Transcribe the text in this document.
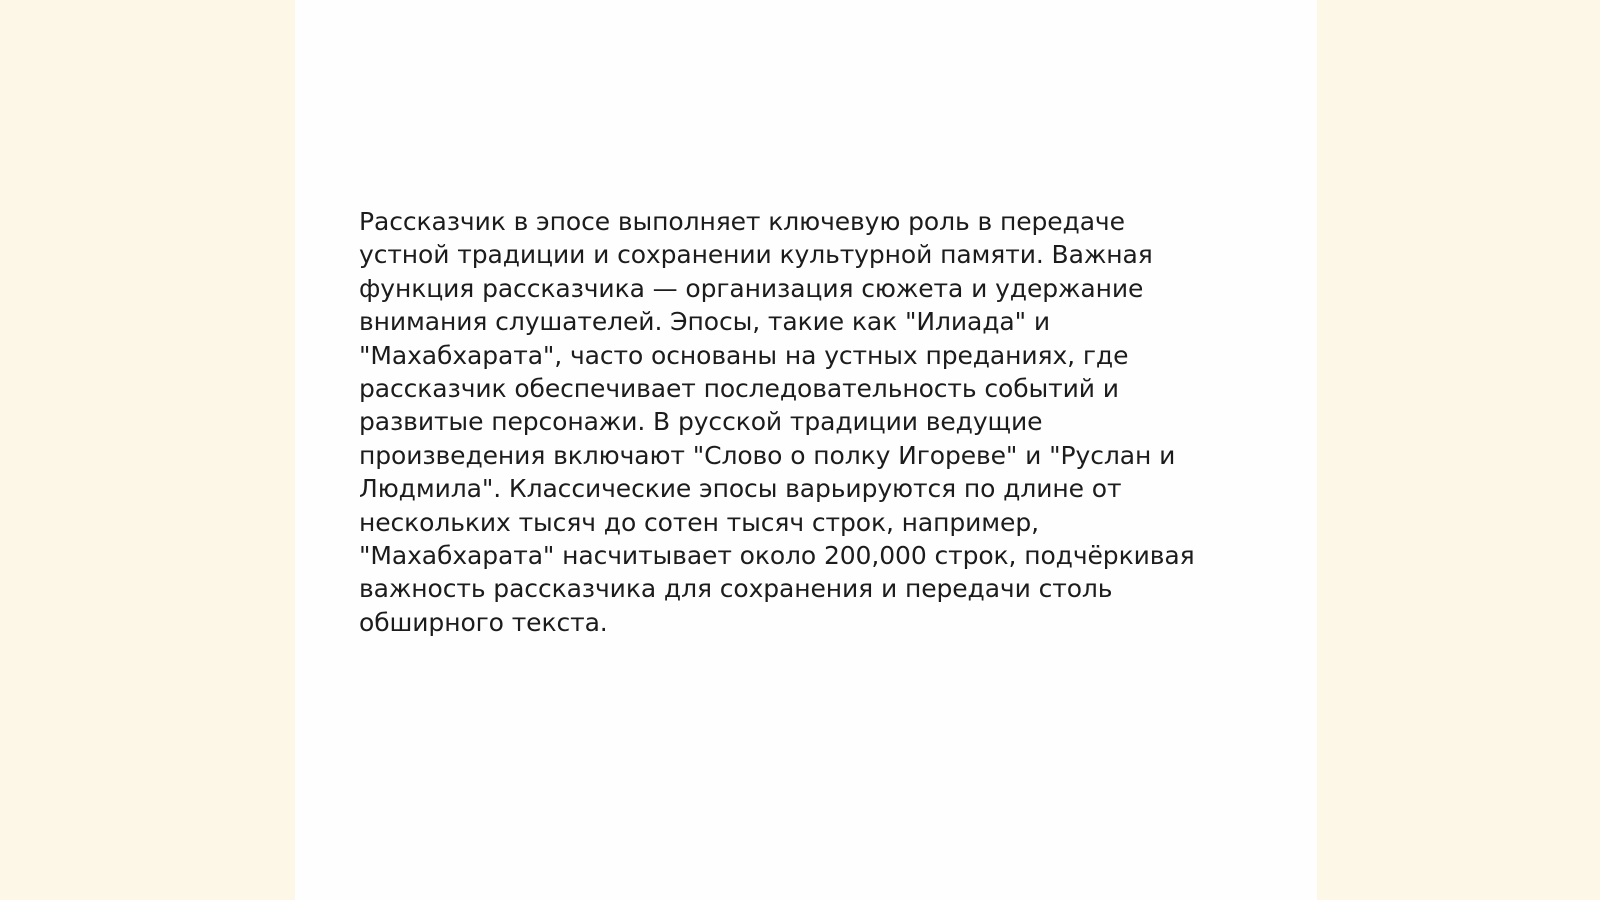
Рассказчик в эпосе выполняет ключевую роль в передаче
устной традиции и сохранении культурной памяти. Важная
функция рассказчика — организация сюжета и удержание
внимания слушателей. Эпосы, такие как "Илиада" и
"Махабхарата", часто основаны на устных преданиях, где
рассказчик обеспечивает последовательность событий и
развитые персонажи. В русской традиции ведущие
произведения включают "Слово о полку Игореве" и "Руслан и
Людмила". Классические эпосы варьируются по длине от
нескольких тысяч до сотен тысяч строк, например,
"Махабхарата" насчитывает около 200,000 строк, подчёркивая
важность рассказчика для сохранения и передачи столь
обширного текста.
